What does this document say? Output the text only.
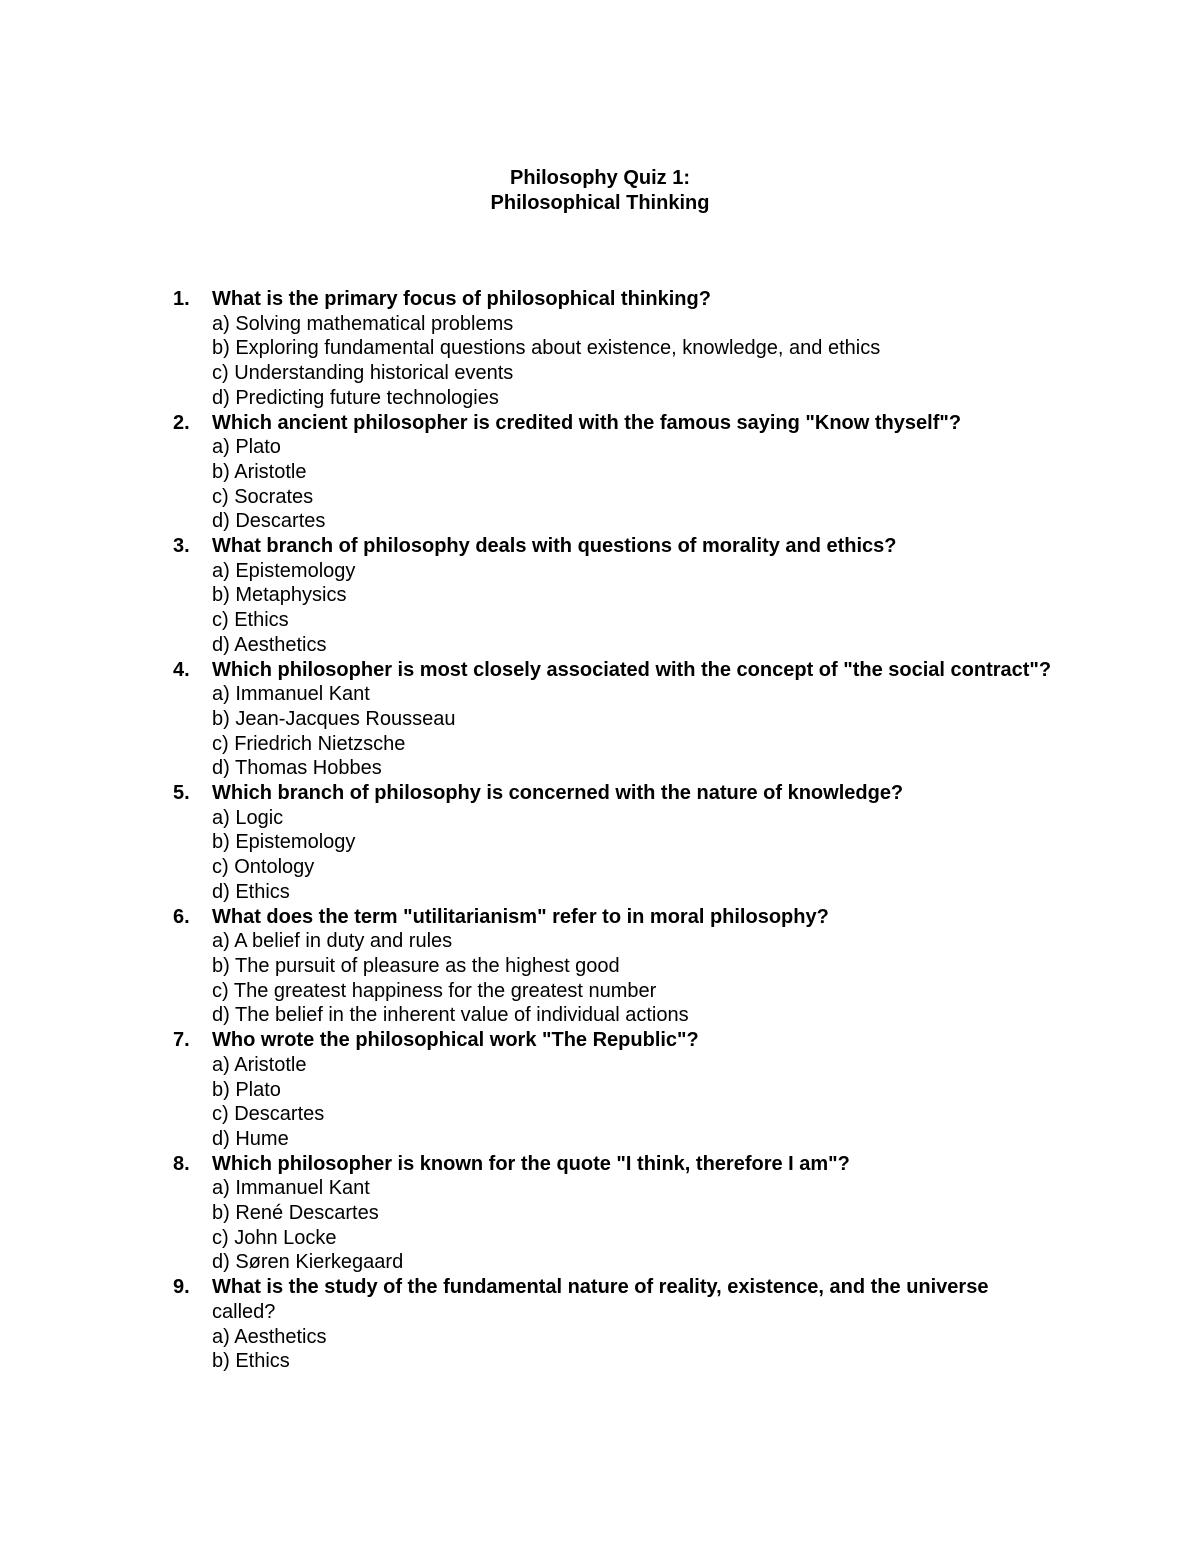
Philosophy Quiz 1:
Philosophical Thinking
1. What is the primary focus of philosophical thinking?
a) Solving mathematical problems
b) Exploring fundamental questions about existence, knowledge, and ethics
c) Understanding historical events
d) Predicting future technologies
2. Which ancient philosopher is credited with the famous saying "Know thyself"?
a) Plato
b) Aristotle
c) Socrates
d) Descartes
3. What branch of philosophy deals with questions of morality and ethics?
a) Epistemology
b) Metaphysics
c) Ethics
d) Aesthetics
4. Which philosopher is most closely associated with the concept of "the social contract"?
a) Immanuel Kant
b) Jean-Jacques Rousseau
c) Friedrich Nietzsche
d) Thomas Hobbes
5. Which branch of philosophy is concerned with the nature of knowledge?
a) Logic
b) Epistemology
c) Ontology
d) Ethics
6. What does the term "utilitarianism" refer to in moral philosophy?
a) A belief in duty and rules
b) The pursuit of pleasure as the highest good
c) The greatest happiness for the greatest number
d) The belief in the inherent value of individual actions
7. Who wrote the philosophical work "The Republic"?
a) Aristotle
b) Plato
c) Descartes
d) Hume
8. Which philosopher is known for the quote "I think, therefore I am"?
a) Immanuel Kant
b) René Descartes
c) John Locke
d) Søren Kierkegaard
9. What is the study of the fundamental nature of reality, existence, and the universe
called?
a) Aesthetics
b) Ethics
